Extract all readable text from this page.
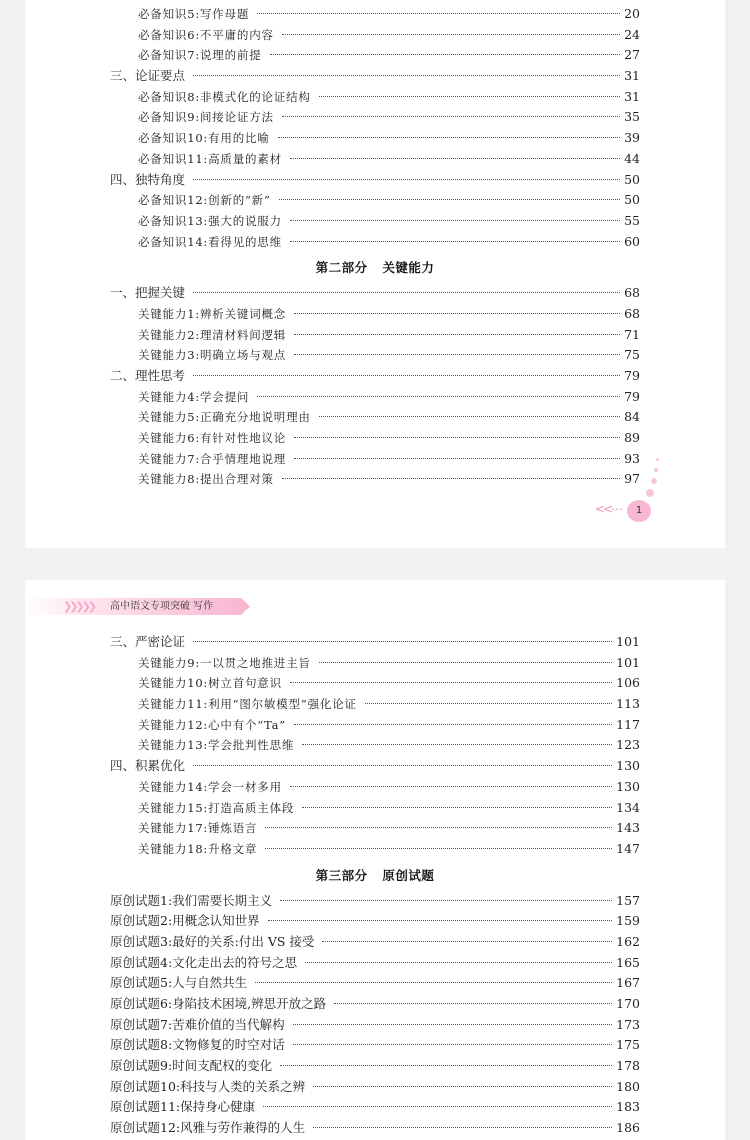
必备知识5:写作母题	20
必备知识6:不平庸的内容	24
必备知识7:说理的前提	27
三、论证要点	31
必备知识8:非模式化的论证结构	31
必备知识9:间接论证方法	35
必备知识10:有用的比喻	39
必备知识11:高质量的素材	44
四、独特角度	50
必备知识12:创新的“新”	50
必备知识13:强大的说服力	55
必备知识14:看得见的思维	60
第二部分 关键能力
一、把握关键	68
关键能力1:辨析关键词概念	68
关键能力2:理清材料间逻辑	71
关键能力3:明确立场与观点	75
二、理性思考	79
关键能力4:学会提问	79
关键能力5:正确充分地说明理由	84
关键能力6:有针对性地议论	89
关键能力7:合乎情理地说理	93
关键能力8:提出合理对策	97
<<⋯	1
❯❯❯❯❯ 高中语文专项突破 写作
三、严密论证	101
关键能力9:一以贯之地推进主旨	101
关键能力10:树立首句意识	106
关键能力11:利用“图尔敏模型”强化论证	113
关键能力12:心中有个“Ta”	117
关键能力13:学会批判性思维	123
四、积累优化	130
关键能力14:学会一材多用	130
关键能力15:打造高质主体段	134
关键能力17:锤炼语言	143
关键能力18:升格文章	147
第三部分 原创试题
原创试题1:我们需要长期主义	157
原创试题2:用概念认知世界	159
原创试题3:最好的关系:付出 VS 接受	162
原创试题4:文化走出去的符号之思	165
原创试题5:人与自然共生	167
原创试题6:身陷技术困境,辨思开放之路	170
原创试题7:苦难价值的当代解构	173
原创试题8:文物修复的时空对话	175
原创试题9:时间支配权的变化	178
原创试题10:科技与人类的关系之辨	180
原创试题11:保持身心健康	183
原创试题12:风雅与劳作兼得的人生	186
